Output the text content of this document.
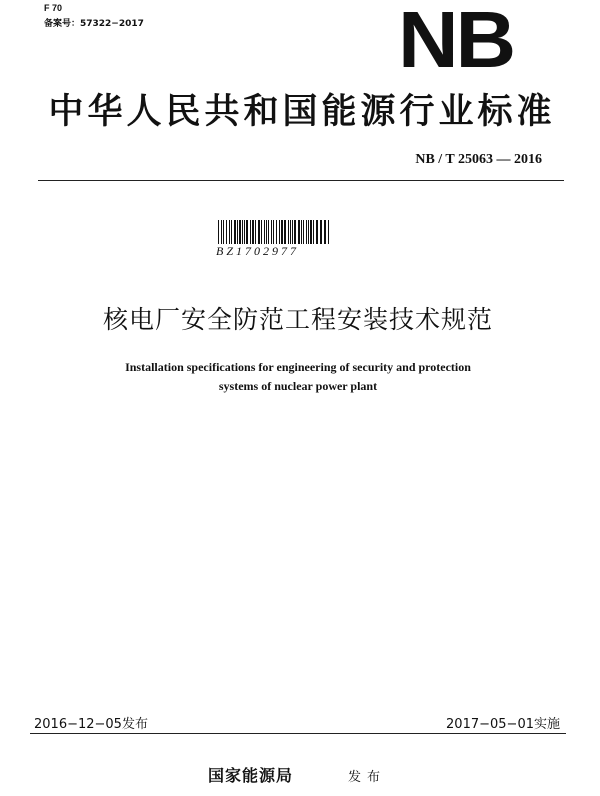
F 70
备案号：57322−2017	NB
中华人民共和国能源行业标准
NB / T 25063 — 2016
BZ1702977
核电厂安全防范工程安装技术规范
Installation specifications for engineering of security and protection
systems of nuclear power plant
2016−12−05发布	2017−05−01实施
国家能源局	发布
